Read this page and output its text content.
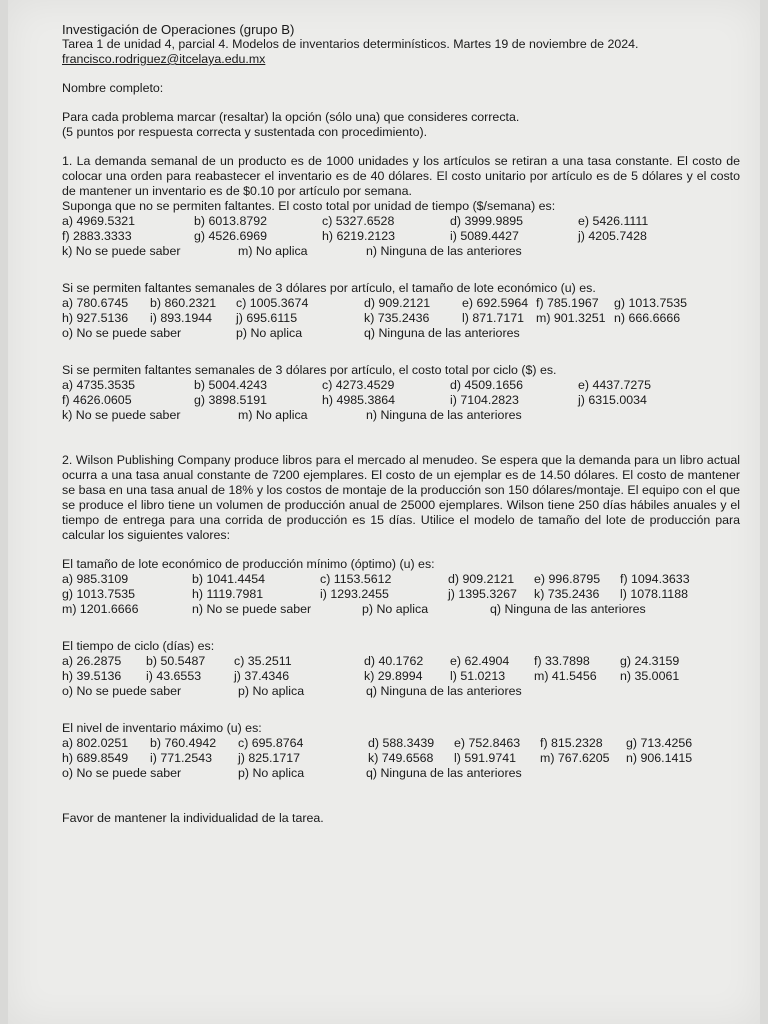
Investigación de Operaciones (grupo B)
Tarea 1 de unidad 4, parcial 4. Modelos de inventarios determinísticos. Martes 19 de noviembre de 2024.
francisco.rodriguez@itcelaya.edu.mx
Nombre completo:
Para cada problema marcar (resaltar) la opción (sólo una) que consideres correcta.
(5 puntos por respuesta correcta y sustentada con procedimiento).
1. La demanda semanal de un producto es de 1000 unidades y los artículos se retiran a una tasa constante. El costo de colocar una orden para reabastecer el inventario es de 40 dólares. El costo unitario por artículo es de 5 dólares y el costo de mantener un inventario es de $0.10 por artículo por semana.
Suponga que no se permiten faltantes. El costo total por unidad de tiempo ($/semana) es:
a) 4969.5321	b) 6013.8792	c) 5327.6528	d) 3999.9895	e) 5426.1111
f) 2883.3333	g) 4526.6969	h) 6219.2123	i) 5089.4427	j) 4205.7428
k) No se puede saber	m) No aplica	n) Ninguna de las anteriores
Si se permiten faltantes semanales de 3 dólares por artículo, el tamaño de lote económico (u) es.
a) 780.6745	b) 860.2321	c) 1005.3674	d) 909.2121	e) 692.5964 f) 785.1967	g) 1013.7535
h) 927.5136	i) 893.1944	j) 695.6115	k) 735.2436	l) 871.7171 m) 901.3251 n) 666.6666
o) No se puede saber	p) No aplica	q) Ninguna de las anteriores
Si se permiten faltantes semanales de 3 dólares por artículo, el costo total por ciclo ($) es.
a) 4735.3535	b) 5004.4243	c) 4273.4529	d) 4509.1656	e) 4437.7275
f) 4626.0605	g) 3898.5191	h) 4985.3864	i) 7104.2823	j) 6315.0034
k) No se puede saber	m) No aplica	n) Ninguna de las anteriores
2. Wilson Publishing Company produce libros para el mercado al menudeo. Se espera que la demanda para un libro actual ocurra a una tasa anual constante de 7200 ejemplares. El costo de un ejemplar es de 14.50 dólares. El costo de mantener se basa en una tasa anual de 18% y los costos de montaje de la producción son 150 dólares/montaje. El equipo con el que se produce el libro tiene un volumen de producción anual de 25000 ejemplares. Wilson tiene 250 días hábiles anuales y el tiempo de entrega para una corrida de producción es 15 días. Utilice el modelo de tamaño del lote de producción para calcular los siguientes valores:
El tamaño de lote económico de producción mínimo (óptimo) (u) es:
a) 985.3109	b) 1041.4454	c) 1153.5612	d) 909.2121	e) 996.8795	f) 1094.3633
g) 1013.7535	h) 1119.7981	i) 1293.2455	j) 1395.3267	k) 735.2436	l) 1078.1188
m) 1201.6666	n) No se puede saber	p) No aplica	q) Ninguna de las anteriores
El tiempo de ciclo (días) es:
a) 26.2875	b) 50.5487	c) 35.2511	d) 40.1762	e) 62.4904	f) 33.7898	g) 24.3159
h) 39.5136	i) 43.6553	j) 37.4346	k) 29.8994	l) 51.0213	m) 41.5456	n) 35.0061
o) No se puede saber	p) No aplica	q) Ninguna de las anteriores
El nivel de inventario máximo (u) es:
a) 802.0251	b) 760.4942	c) 695.8764	d) 588.3439	e) 752.8463	f) 815.2328	g) 713.4256
h) 689.8549	i) 771.2543	j) 825.1717	k) 749.6568	l) 591.9741	m) 767.6205	n) 906.1415
o) No se puede saber	p) No aplica	q) Ninguna de las anteriores
Favor de mantener la individualidad de la tarea.
